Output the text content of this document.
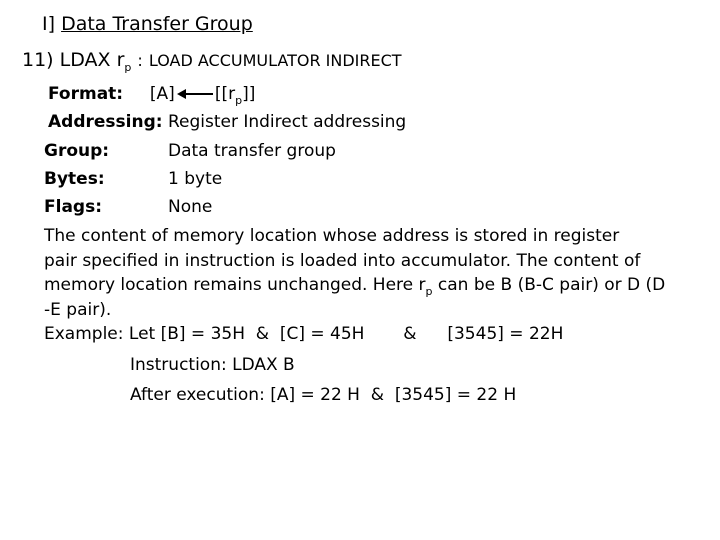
I] Data Transfer Group
11) LDAX $r_p$ : LOAD ACCUMULATOR INDIRECT
Format: [A] $[[r_p]]$
Addressing: Register Indirect addressing
Group:	Data transfer group
Bytes:	1 byte
Flags:	None
The content of memory location whose address is stored in register
pair specified in instruction is loaded into accumulator. The content of
memory location remains unchanged. Here $r_p$ can be B (B-C pair) or D (D
-E pair).
Example: Let [B] = 35H  &  [C] = 45H & [3545] = 22H
Instruction: LDAX B
After execution: [A] = 22 H  &  [3545] = 22 H
